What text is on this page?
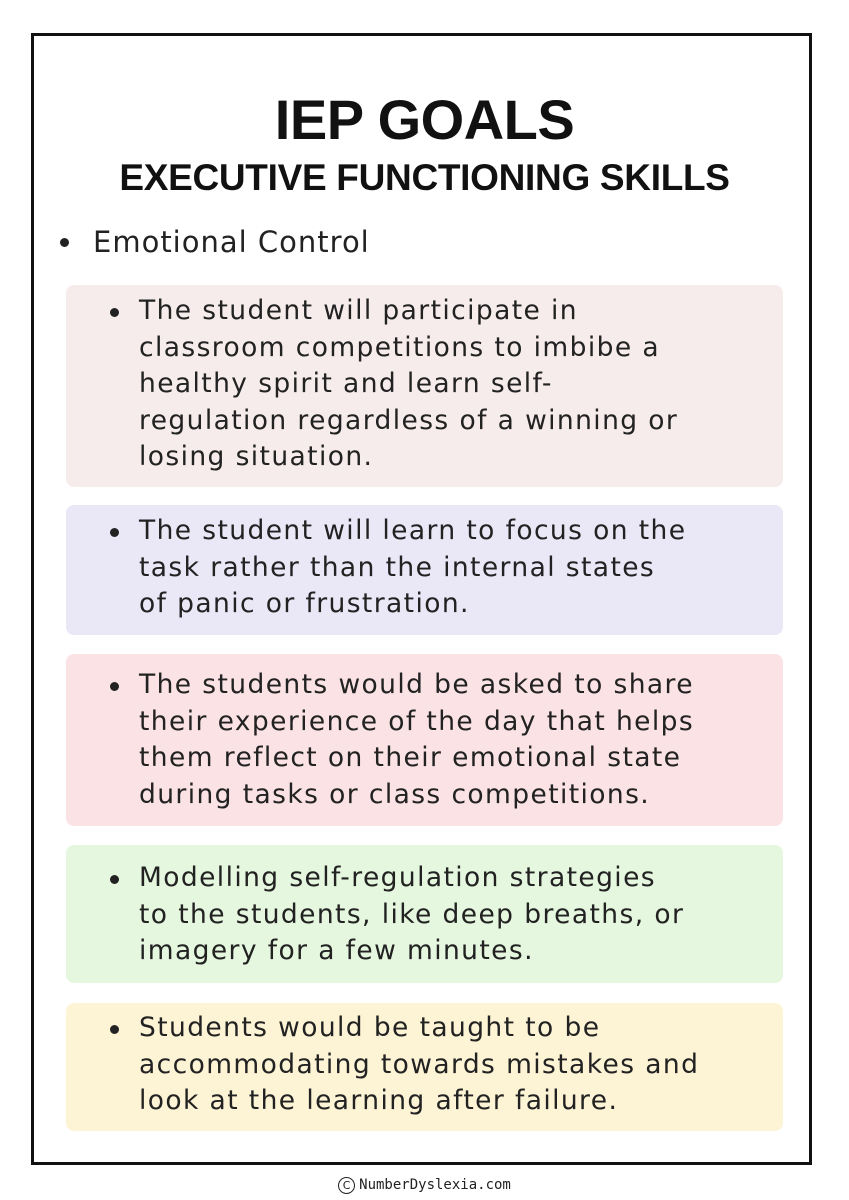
IEP GOALS
EXECUTIVE FUNCTIONING SKILLS
Emotional Control
The student will participate in
classroom competitions to imbibe a
healthy spirit and learn self-
regulation regardless of a winning or
losing situation.
The student will learn to focus on the
task rather than the internal states
of panic or frustration.
The students would be asked to share
their experience of the day that helps
them reflect on their emotional state
during tasks or class competitions.
Modelling self-regulation strategies
to the students, like deep breaths, or
imagery for a few minutes.
Students would be taught to be
accommodating towards mistakes and
look at the learning after failure.
C NumberDyslexia.com
